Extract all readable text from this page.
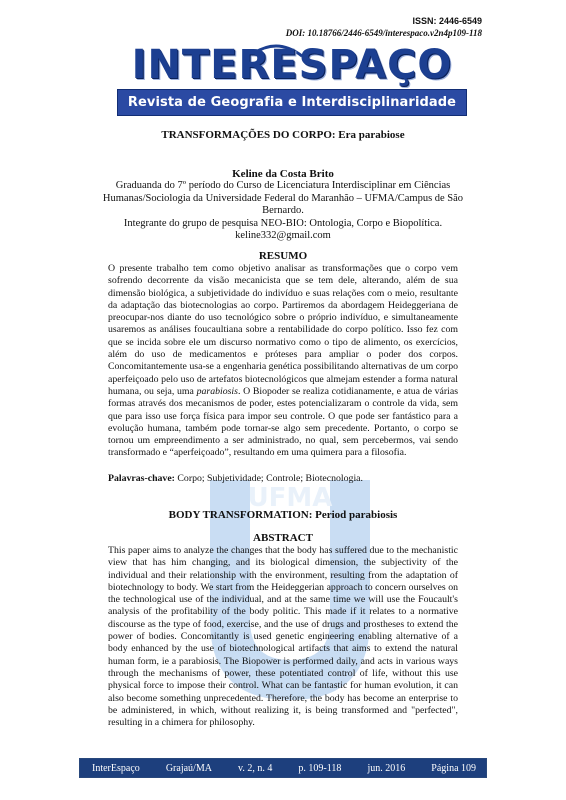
ISSN: 2446-6549
DOI: 10.18766/2446-6549/interespaco.v2n4p109-118
INTERESPAÇO
Revista de Geografia e Interdisciplinaridade
UFMA
TRANSFORMAÇÕES DO CORPO: Era parabiose
Keline da Costa Brito
Graduanda do 7º período do Curso de Licenciatura Interdisciplinar em Ciências
Humanas/Sociologia da Universidade Federal do Maranhão – UFMA/Campus de São Bernardo.
Integrante do grupo de pesquisa NEO-BIO: Ontologia, Corpo e Biopolítica.
keline332@gmail.com
RESUMO

O presente trabalho tem como objetivo analisar as transformações que o corpo vem sofrendo decorrente da visão mecanicista que se tem dele, alterando, além de sua dimensão biológica, a subjetividade do indivíduo e suas relações com o meio, resultante da adaptação das biotecnologias ao corpo. Partiremos da abordagem Heideggeriana de preocupar-nos diante do uso tecnológico sobre o próprio indivíduo, e simultaneamente usaremos as análises foucaultiana sobre a rentabilidade do corpo político. Isso fez com que se incida sobre ele um discurso normativo como o tipo de alimento, os exercícios, além do uso de medicamentos e próteses para ampliar o poder dos corpos. Concomitantemente usa-se a engenharia genética possibilitando alternativas de um corpo aperfeiçoado pelo uso de artefatos biotecnológicos que almejam estender a forma natural humana, ou seja, uma parabiosis. O Biopoder se realiza cotidianamente, e atua de várias formas através dos mecanismos de poder, estes potencializaram o controle da vida, sem que para isso use força física para impor seu controle. O que pode ser fantástico para a evolução humana, também pode tornar-se algo sem precedente. Portanto, o corpo se tornou um empreendimento a ser administrado, no qual, sem percebermos, vai sendo transformado e “aperfeiçoado”, resultando em uma quimera para a filosofia.

Palavras-chave: Corpo; Subjetividade; Controle; Biotecnologia.
BODY TRANSFORMATION: Period parabiosis
ABSTRACT

This paper aims to analyze the changes that the body has suffered due to the mechanistic view that has him changing, and its biological dimension, the subjectivity of the individual and their relationship with the environment, resulting from the adaptation of biotechnology to body. We start from the Heideggerian approach to concern ourselves on the technological use of the individual, and at the same time we will use the Foucault's analysis of the profitability of the body politic. This made if it relates to a normative discourse as the type of food, exercise, and the use of drugs and prostheses to extend the power of bodies. Concomitantly is used genetic engineering enabling alternative of a body enhanced by the use of biotechnological artifacts that aims to extend the natural human form, ie a parabiosis. The Biopower is performed daily, and acts in various ways through the mechanisms of power, these potentiated control of life, without this use physical force to impose their control. What can be fantastic for human evolution, it can also become something unprecedented. Therefore, the body has become an enterprise to be administered, in which, without realizing it, is being transformed and "perfected", resulting in a chimera for philosophy.

InterEspaço	Grajaú/MA	v. 2, n. 4	p. 109-118	jun. 2016	Página 109
